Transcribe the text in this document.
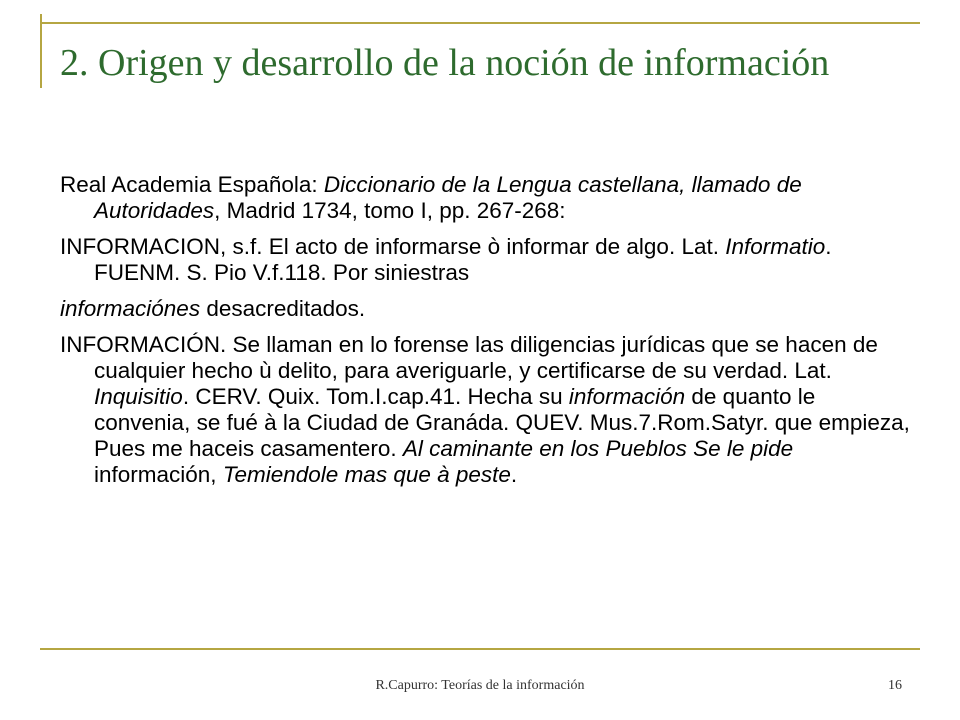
2. Origen y desarrollo de la noción de información

Real Academia Española: Diccionario de la Lengua castellana, llamado de Autoridades, Madrid 1734, tomo I, pp. 267-268:

INFORMACION, s.f. El acto de informarse ò informar de algo. Lat. Informatio. FUENM. S. Pio V.f.118. Por siniestras

informaciónes desacreditados.

INFORMACIÓN. Se llaman en lo forense las diligencias jurídicas que se hacen de cualquier hecho ù delito, para averiguarle, y certificarse de su verdad. Lat. Inquisitio. CERV. Quix. Tom.I.cap.41. Hecha su información de quanto le convenia, se fué à la Ciudad de Granáda. QUEV. Mus.7.Rom.Satyr. que empieza, Pues me haceis casamentero. Al caminante en los Pueblos Se le pide información, Temiendole mas que à peste.

R.Capurro: Teorías de la información	16
